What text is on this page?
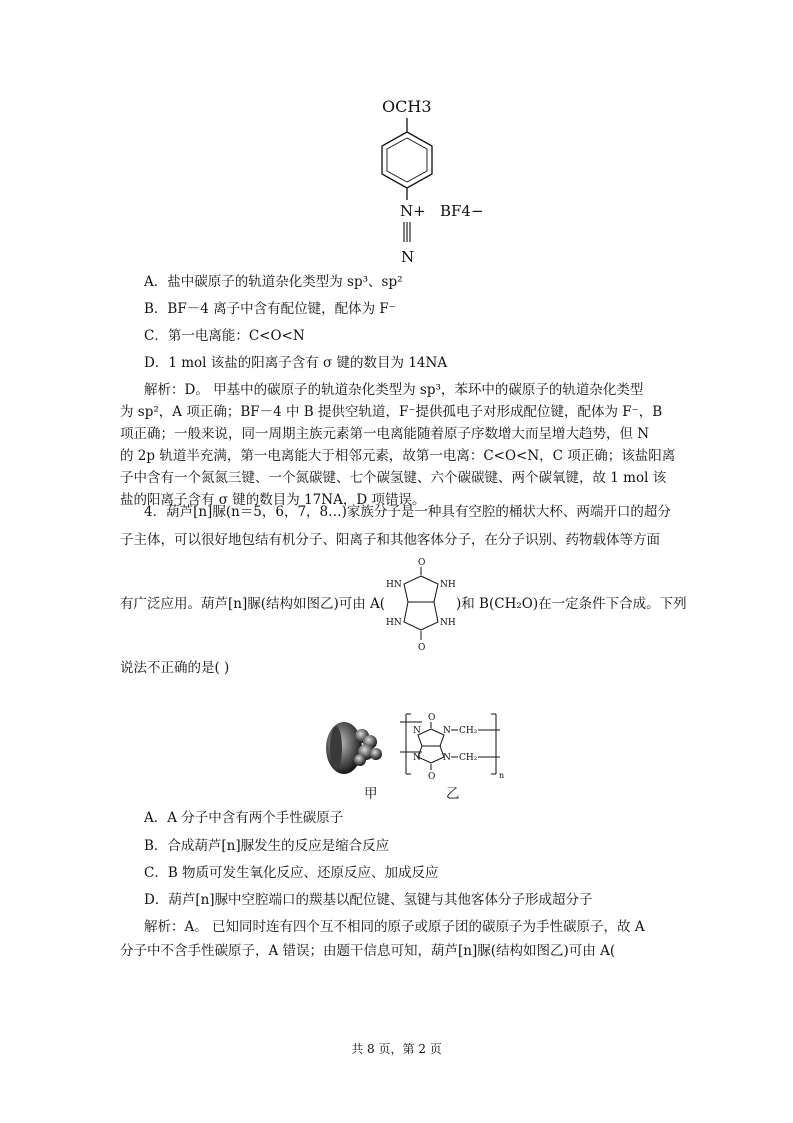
OCH3
N+ BF4−
N
A．盐中碳原子的轨道杂化类型为 sp³、sp²
B．BF－4 离子中含有配位键，配体为 F⁻
C．第一电离能：C<O<N
D．1 mol 该盐的阳离子含有 σ 键的数目为 14NA
解析：D。 甲基中的碳原子的轨道杂化类型为 sp³，苯环中的碳原子的轨道杂化类型
为 sp²，A 项正确；BF－4 中 B 提供空轨道，F⁻提供孤电子对形成配位键，配体为 F⁻，B
项正确；一般来说，同一周期主族元素第一电离能随着原子序数增大而呈增大趋势，但 N
的 2p 轨道半充满，第一电离能大于相邻元素，故第一电离：C<O<N，C 项正确；该盐阳离
子中含有一个氮氮三键、一个氮碳键、七个碳氢键、六个碳碳键、两个碳氧键，故 1 mol 该
盐的阳离子含有 σ 键的数目为 17NA，D 项错误。
4．葫芦[n]脲(n＝5，6，7，8…)家族分子是一种具有空腔的桶状大杯、两端开口的超分
子主体，可以很好地包结有机分子、阳离子和其他客体分子，在分子识别、药物载体等方面
有广泛应用。葫芦[n]脲(结构如图乙)可由 A(
O
O
HN	NH
HN	NH
)和 B(CH₂O)在一定条件下合成。下列
说法不正确的是( )
O
O
N N
N N
CH₂
CH₂
n
甲	乙
A．A 分子中含有两个手性碳原子
B．合成葫芦[n]脲发生的反应是缩合反应
C．B 物质可发生氧化反应、还原反应、加成反应
D．葫芦[n]脲中空腔端口的羰基以配位键、氢键与其他客体分子形成超分子
解析：A。 已知同时连有四个互不相同的原子或原子团的碳原子为手性碳原子，故 A
分子中不含手性碳原子，A 错误；由题干信息可知，葫芦[n]脲(结构如图乙)可由 A(
共 8 页，第 2 页
